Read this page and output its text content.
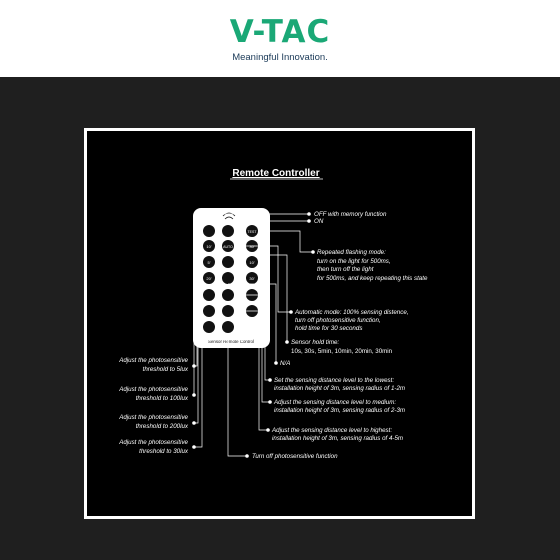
V-TAC
Meaningful Innovation.
Remote Controller
Sensor Remote Control
TEST
10'	AUTO	30'
5'	10'
20'	30'
OFF with memory function
ON
Repeated flashing mode:
turn on the light for 500ms,
then turn off the light
for 500ms, and keep repeating this state
Automatic mode: 100% sensing distence,
turn off photosensitive function,
hold time for 30 seconds
Sensor hold time:
10s, 30s, 5min, 10min, 20min, 30min
N/A
Set the sensing distance level to the lowest:
installation height of 3m, sensing radius of 1-2m
Adjust the sensing distance level to medium:
installation height of 3m, sensing radius of 2-3m
Adjust the sensing distance level to highest:
installation height of 3m, sensing radius of 4-5m
Turn off photosensitive function
Adjust the photosensitive
threshold to 5lux
Adjust the photosensitive
threshold to 100lux
Adjust the photosensitive
threshold to 200lux
Adjust the photosensitive
threshold to 30lux
